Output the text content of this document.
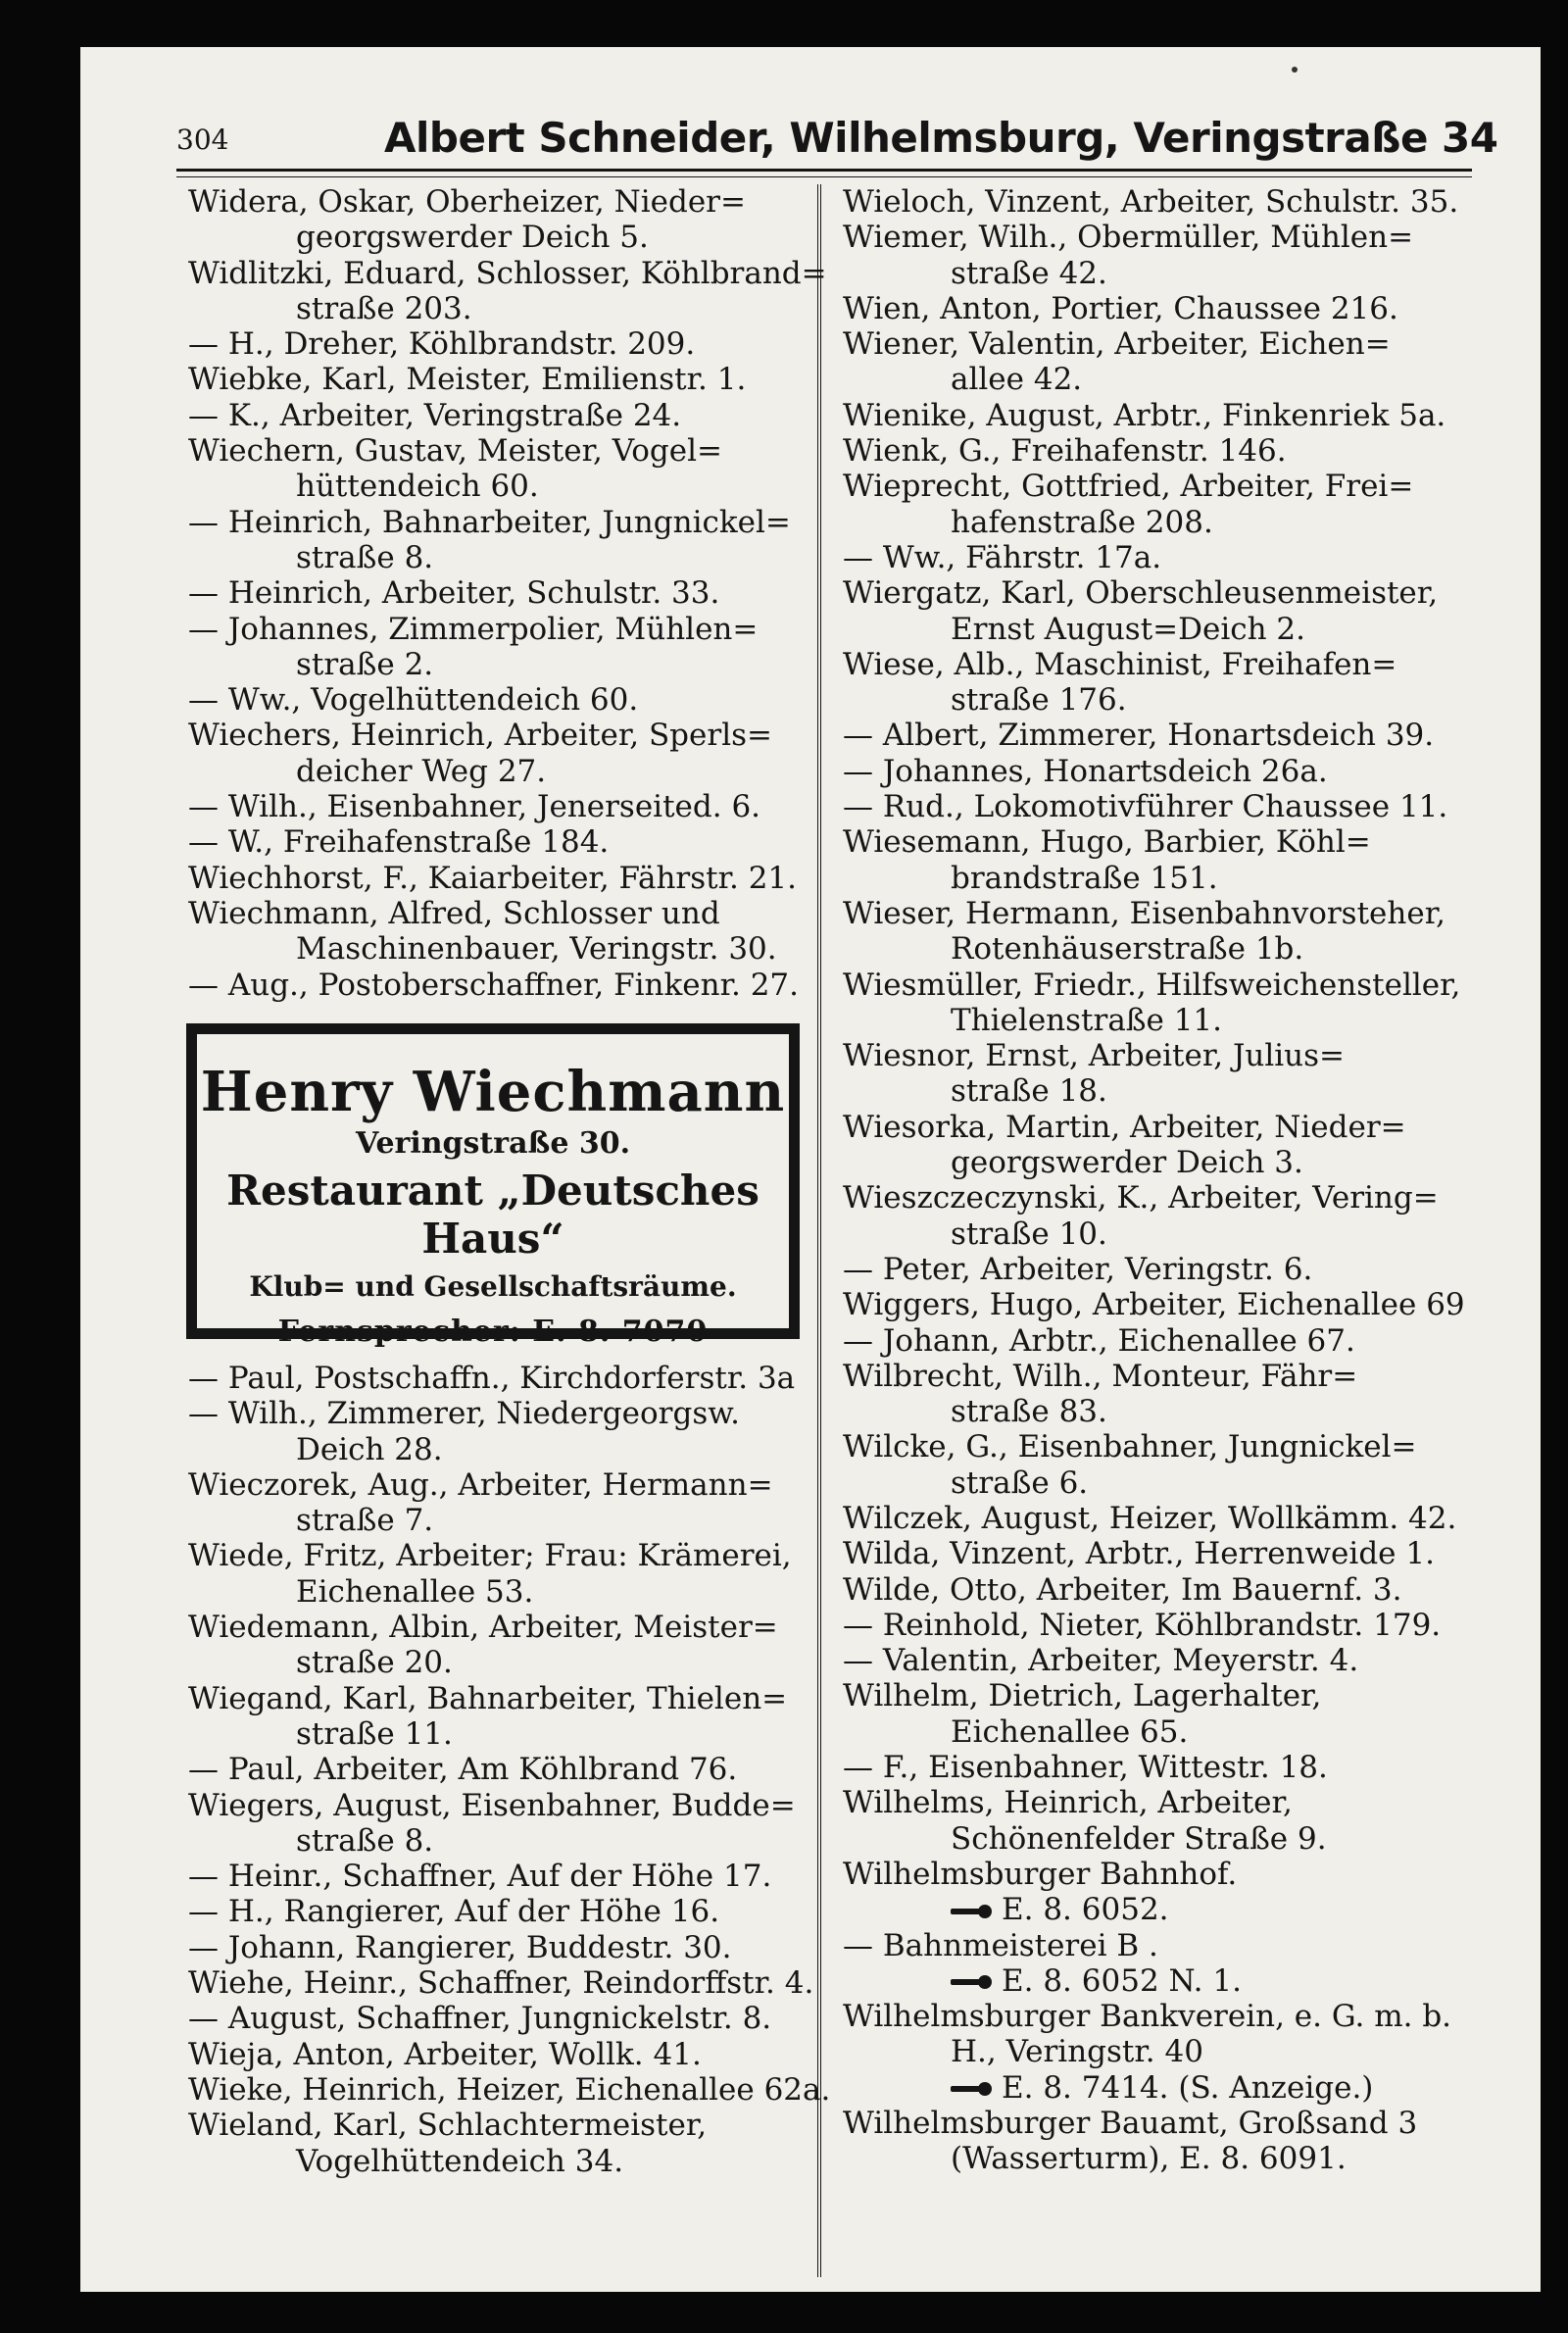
304	Albert Schneider, Wilhelmsburg, Veringstraße 34
Widera, Oskar, Oberheizer, Nieder=
georgswerder Deich 5.
Widlitzki, Eduard, Schlosser, Köhlbrand=
straße 203.
— H., Dreher, Köhlbrandstr. 209.
Wiebke, Karl, Meister, Emilienstr. 1.
— K., Arbeiter, Veringstraße 24.
Wiechern, Gustav, Meister, Vogel=
hüttendeich 60.
— Heinrich, Bahnarbeiter, Jungnickel=
straße 8.
— Heinrich, Arbeiter, Schulstr. 33.
— Johannes, Zimmerpolier, Mühlen=
straße 2.
— Ww., Vogelhüttendeich 60.
Wiechers, Heinrich, Arbeiter, Sperls=
deicher Weg 27.
— Wilh., Eisenbahner, Jenerseited. 6.
— W., Freihafenstraße 184.
Wiechhorst, F., Kaiarbeiter, Fährstr. 21.
Wiechmann, Alfred, Schlosser und
Maschinenbauer, Veringstr. 30.
— Aug., Postoberschaffner, Finkenr. 27.
Henry Wiechmann
Veringstraße 30.
Restaurant „Deutsches Haus“
Klub= und Gesellschaftsräume.
— Fernsprecher: E. 8. 7070 —
— Paul, Postschaffn., Kirchdorferstr. 3a
— Wilh., Zimmerer, Niedergeorgsw.
Deich 28.
Wieczorek, Aug., Arbeiter, Hermann=
straße 7.
Wiede, Fritz, Arbeiter; Frau: Krämerei,
Eichenallee 53.
Wiedemann, Albin, Arbeiter, Meister=
straße 20.
Wiegand, Karl, Bahnarbeiter, Thielen=
straße 11.
— Paul, Arbeiter, Am Köhlbrand 76.
Wiegers, August, Eisenbahner, Budde=
straße 8.
— Heinr., Schaffner, Auf der Höhe 17.
— H., Rangierer, Auf der Höhe 16.
— Johann, Rangierer, Buddestr. 30.
Wiehe, Heinr., Schaffner, Reindorffstr. 4.
— August, Schaffner, Jungnickelstr. 8.
Wieja, Anton, Arbeiter, Wollk. 41.
Wieke, Heinrich, Heizer, Eichenallee 62a.
Wieland, Karl, Schlachtermeister,
Vogelhüttendeich 34.
Wieloch, Vinzent, Arbeiter, Schulstr. 35.
Wiemer, Wilh., Obermüller, Mühlen=
straße 42.
Wien, Anton, Portier, Chaussee 216.
Wiener, Valentin, Arbeiter, Eichen=
allee 42.
Wienike, August, Arbtr., Finkenriek 5a.
Wienk, G., Freihafenstr. 146.
Wieprecht, Gottfried, Arbeiter, Frei=
hafenstraße 208.
— Ww., Fährstr. 17a.
Wiergatz, Karl, Oberschleusenmeister,
Ernst August=Deich 2.
Wiese, Alb., Maschinist, Freihafen=
straße 176.
— Albert, Zimmerer, Honartsdeich 39.
— Johannes, Honartsdeich 26a.
— Rud., Lokomotivführer Chaussee 11.
Wiesemann, Hugo, Barbier, Köhl=
brandstraße 151.
Wieser, Hermann, Eisenbahnvorsteher,
Rotenhäuserstraße 1b.
Wiesmüller, Friedr., Hilfsweichensteller,
Thielenstraße 11.
Wiesnor, Ernst, Arbeiter, Julius=
straße 18.
Wiesorka, Martin, Arbeiter, Nieder=
georgswerder Deich 3.
Wieszczeczynski, K., Arbeiter, Vering=
straße 10.
— Peter, Arbeiter, Veringstr. 6.
Wiggers, Hugo, Arbeiter, Eichenallee 69
— Johann, Arbtr., Eichenallee 67.
Wilbrecht, Wilh., Monteur, Fähr=
straße 83.
Wilcke, G., Eisenbahner, Jungnickel=
straße 6.
Wilczek, August, Heizer, Wollkämm. 42.
Wilda, Vinzent, Arbtr., Herrenweide 1.
Wilde, Otto, Arbeiter, Im Bauernf. 3.
— Reinhold, Nieter, Köhlbrandstr. 179.
— Valentin, Arbeiter, Meyerstr. 4.
Wilhelm, Dietrich, Lagerhalter,
Eichenallee 65.
— F., Eisenbahner, Wittestr. 18.
Wilhelms, Heinrich, Arbeiter,
Schönenfelder Straße 9.
Wilhelmsburger Bahnhof.
E. 8. 6052.
— Bahnmeisterei B .
E. 8. 6052 N. 1.
Wilhelmsburger Bankverein, e. G. m. b.
H., Veringstr. 40
E. 8. 7414. (S. Anzeige.)
Wilhelmsburger Bauamt, Großsand 3
(Wasserturm), E. 8. 6091.
